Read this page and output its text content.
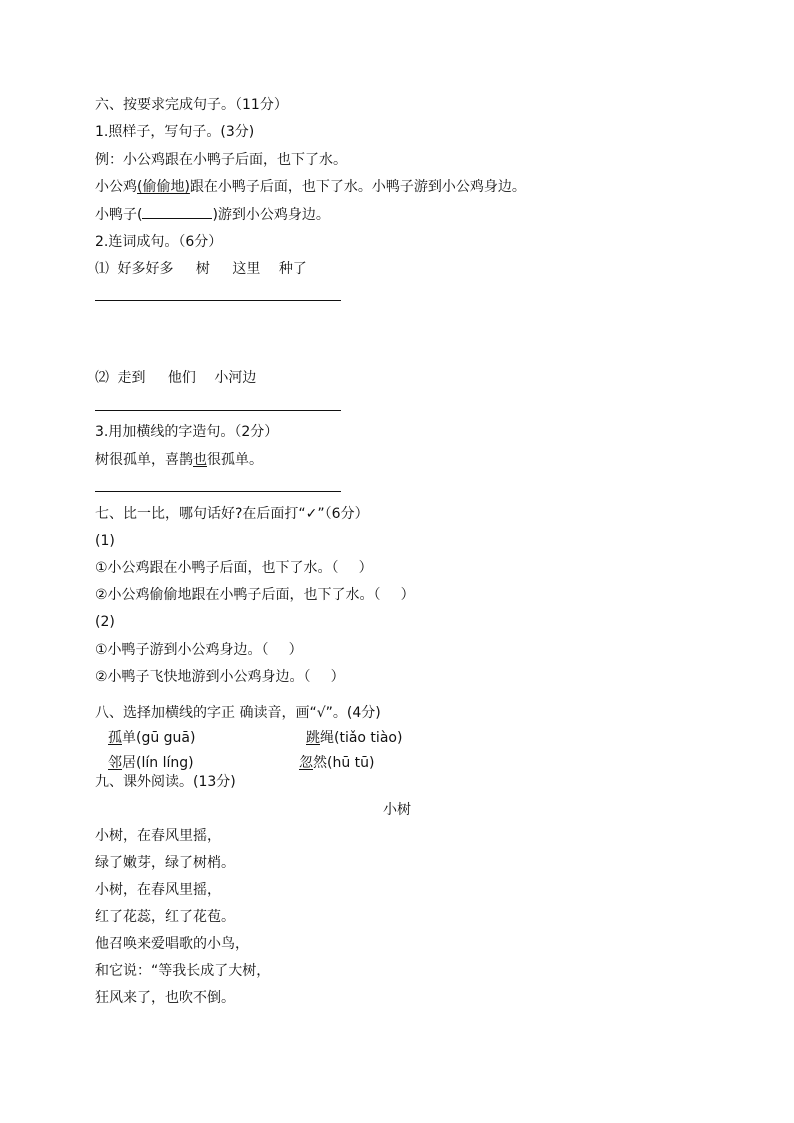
六、按要求完成句子。（11分）
1.照样子，写句子。(3分)
例：小公鸡跟在小鸭子后面，也下了水。
小公鸡(偷偷地)跟在小鸭子后面，也下了水。小鸭子游到小公鸡身边。
小鸭子(	)游到小公鸡身边。
2.连词成句。（6分）
⑴ 好多好多 树 这里 种了
⑵ 走到 他们 小河边
3.用加横线的字造句。（2分）
树很孤单，喜鹊也很孤单。
七、比一比，哪句话好?在后面打“✓”（6分）
(1)
①小公鸡跟在小鸭子后面，也下了水。（ ）
②小公鸡偷偷地跟在小鸭子后面，也下了水。（ ）
(2)
①小鸭子游到小公鸡身边。（ ）
②小鸭子飞快地游到小公鸡身边。（ ）
八、选择加横线的字正 确读音，画“√”。(4分)
孤单(gū guā)	跳绳(tiǎo tiào)
邻居(lín líng)	忽然(hū tū)
九、课外阅读。(13分)
小树
小树，在春风里摇，
绿了嫩芽，绿了树梢。
小树，在春风里摇，
红了花蕊，红了花苞。
他召唤来爱唱歌的小鸟，
和它说：“等我长成了大树，
狂风来了，也吹不倒。
